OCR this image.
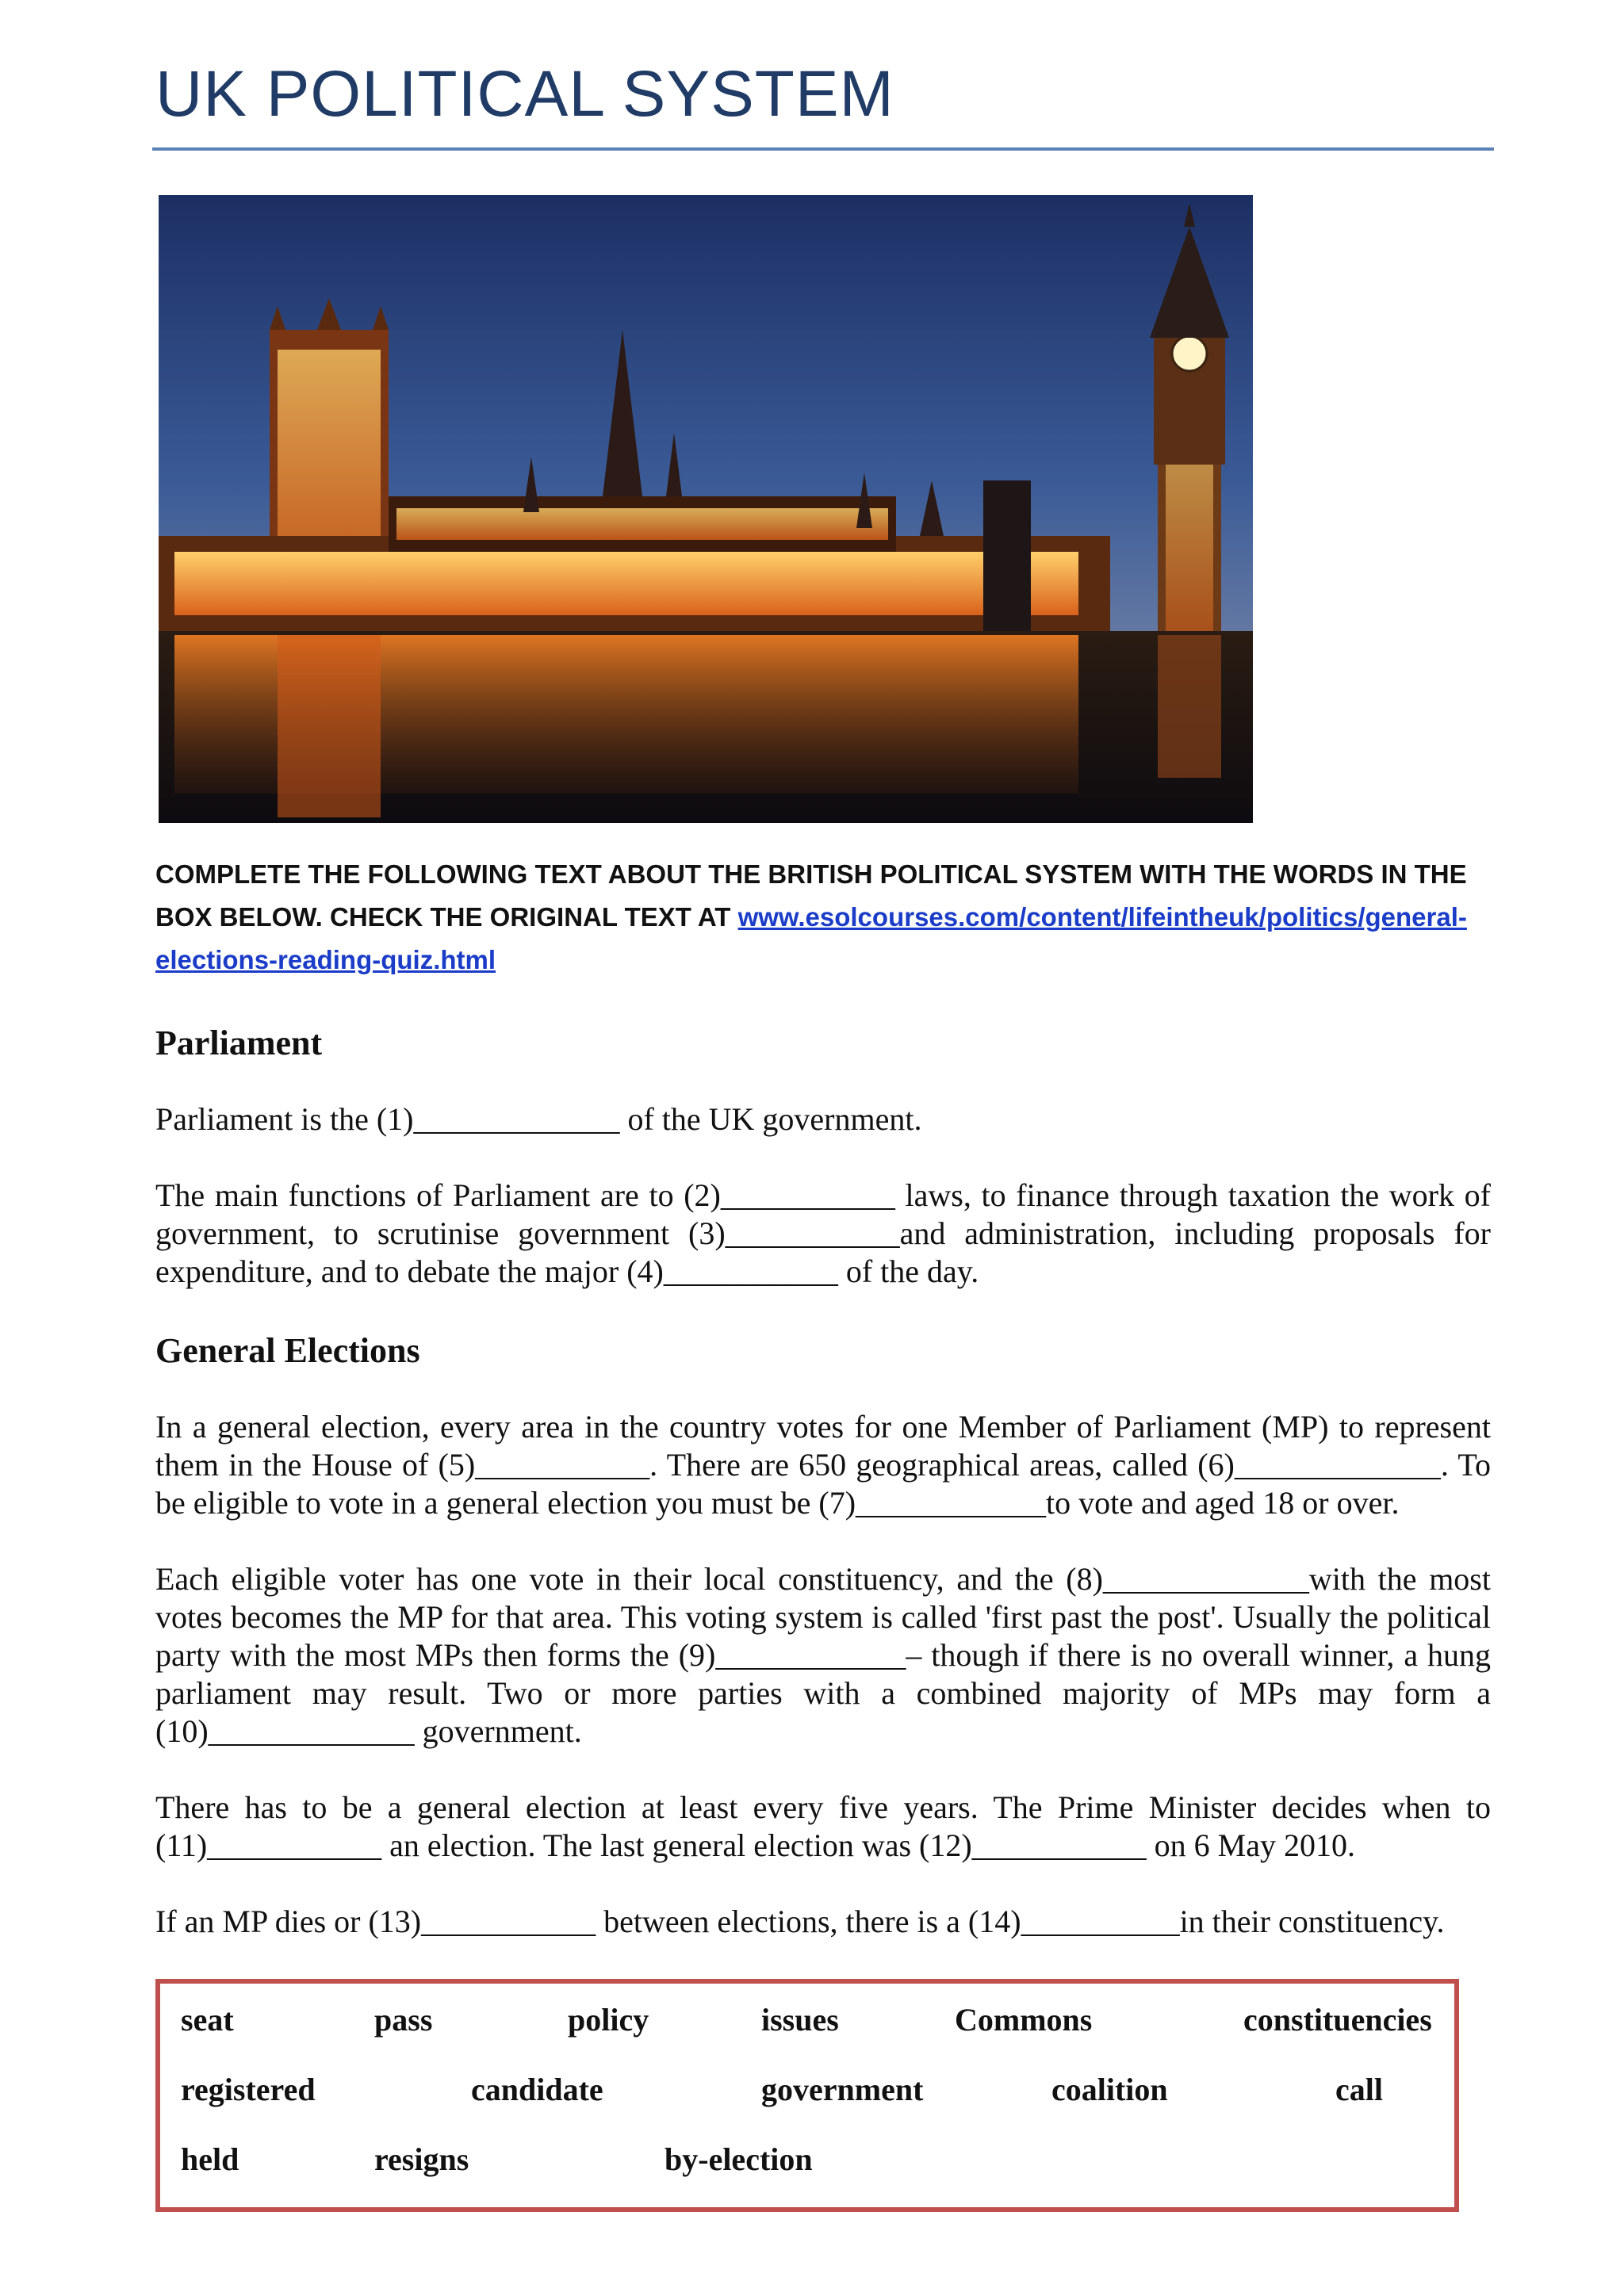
UK POLITICAL SYSTEM
COMPLETE THE FOLLOWING TEXT ABOUT THE BRITISH POLITICAL SYSTEM WITH THE WORDS IN THE BOX BELOW. CHECK THE ORIGINAL TEXT AT www.esolcourses.com/content/lifeintheuk/politics/general-elections-reading-quiz.html
Parliament
Parliament is the (1)_____________ of the UK government.
The main functions of Parliament are to (2)___________ laws, to finance through taxation the work of government, to scrutinise government (3)___________and administration, including proposals for expenditure, and to debate the major (4)___________ of the day.
General Elections
In a general election, every area in the country votes for one Member of Parliament (MP) to represent them in the House of (5)___________. There are 650 geographical areas, called (6)_____________. To be eligible to vote in a general election you must be (7)____________to vote and aged 18 or over.
Each eligible voter has one vote in their local constituency, and the (8)_____________with the most votes becomes the MP for that area. This voting system is called 'first past the post'. Usually the political party with the most MPs then forms the (9)____________– though if there is no overall winner, a hung parliament may result. Two or more parties with a combined majority of MPs may form a (10)_____________ government.
There has to be a general election at least every five years. The Prime Minister decides when to (11)___________ an election. The last general election was (12)___________ on 6 May 2010.
If an MP dies or (13)___________ between elections, there is a (14)__________in their constituency.
seat	pass	policy	issues	Commons	constituencies
registered	candidate	government	coalition	call
held	resigns	by-election
